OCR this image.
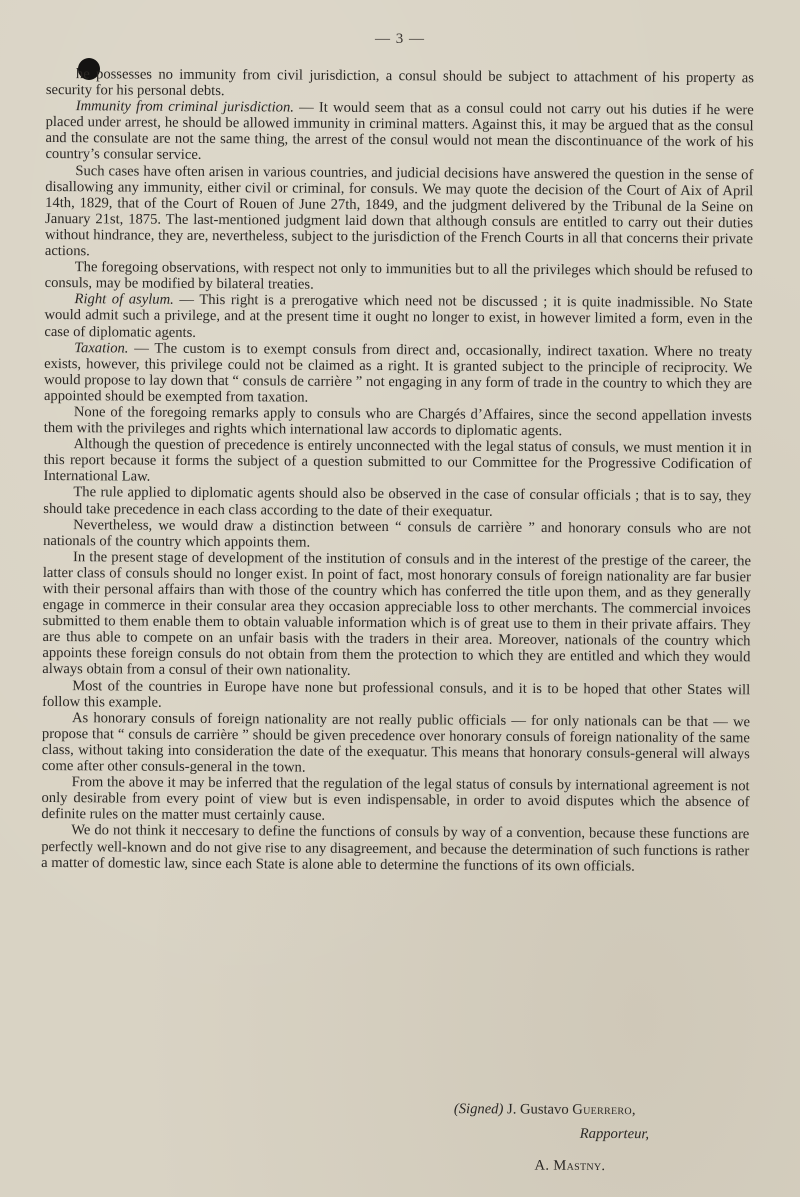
— 3 —

he possesses no immunity from civil jurisdiction, a consul should be subject to attachment of his property as security for his personal debts.

Immunity from criminal jurisdiction. — It would seem that as a consul could not carry out his duties if he were placed under arrest, he should be allowed immunity in criminal matters. Against this, it may be argued that as the consul and the consulate are not the same thing, the arrest of the consul would not mean the discontinuance of the work of his country’s consular service.

Such cases have often arisen in various countries, and judicial decisions have answered the question in the sense of disallowing any immunity, either civil or criminal, for consuls. We may quote the decision of the Court of Aix of April 14th, 1829, that of the Court of Rouen of June 27th, 1849, and the judgment delivered by the Tribunal de la Seine on January 21st, 1875. The last-mentioned judgment laid down that although consuls are entitled to carry out their duties without hindrance, they are, nevertheless, subject to the jurisdiction of the French Courts in all that concerns their private actions.

The foregoing observations, with respect not only to immunities but to all the privileges which should be refused to consuls, may be modified by bilateral treaties.

Right of asylum. — This right is a prerogative which need not be discussed ; it is quite inadmissible. No State would admit such a privilege, and at the present time it ought no longer to exist, in however limited a form, even in the case of diplomatic agents.

Taxation. — The custom is to exempt consuls from direct and, occasionally, indirect taxation. Where no treaty exists, however, this privilege could not be claimed as a right. It is granted subject to the principle of reciprocity. We would propose to lay down that “ consuls de carrière ” not engaging in any form of trade in the country to which they are appointed should be exempted from taxation.

None of the foregoing remarks apply to consuls who are Chargés d’Affaires, since the second appellation invests them with the privileges and rights which international law accords to diplomatic agents.

Although the question of precedence is entirely unconnected with the legal status of consuls, we must mention it in this report because it forms the subject of a question submitted to our Committee for the Progressive Codification of International Law.

The rule applied to diplomatic agents should also be observed in the case of consular officials ; that is to say, they should take precedence in each class according to the date of their exequatur.

Nevertheless, we would draw a distinction between “ consuls de carrière ” and honorary consuls who are not nationals of the country which appoints them.

In the present stage of development of the institution of consuls and in the interest of the prestige of the career, the latter class of consuls should no longer exist. In point of fact, most honorary consuls of foreign nationality are far busier with their personal affairs than with those of the country which has conferred the title upon them, and as they generally engage in commerce in their consular area they occasion appreciable loss to other merchants. The commercial invoices submitted to them enable them to obtain valuable information which is of great use to them in their private affairs. They are thus able to compete on an unfair basis with the traders in their area. Moreover, nationals of the country which appoints these foreign consuls do not obtain from them the protection to which they are entitled and which they would always obtain from a consul of their own nationality.

Most of the countries in Europe have none but professional consuls, and it is to be hoped that other States will follow this example.

As honorary consuls of foreign nationality are not really public officials — for only nationals can be that — we propose that “ consuls de carrière ” should be given precedence over honorary consuls of foreign nationality of the same class, without taking into consideration the date of the exequatur. This means that honorary consuls-general will always come after other consuls-general in the town.

From the above it may be inferred that the regulation of the legal status of consuls by international agreement is not only desirable from every point of view but is even indispensable, in order to avoid disputes which the absence of definite rules on the matter must certainly cause.

We do not think it neccesary to define the functions of consuls by way of a convention, because these functions are perfectly well-known and do not give rise to any disagreement, and because the determination of such functions is rather a matter of domestic law, since each State is alone able to determine the functions of its own officials.

(Signed) J. Gustavo Guerrero,
Rapporteur,
A. Mastny.
